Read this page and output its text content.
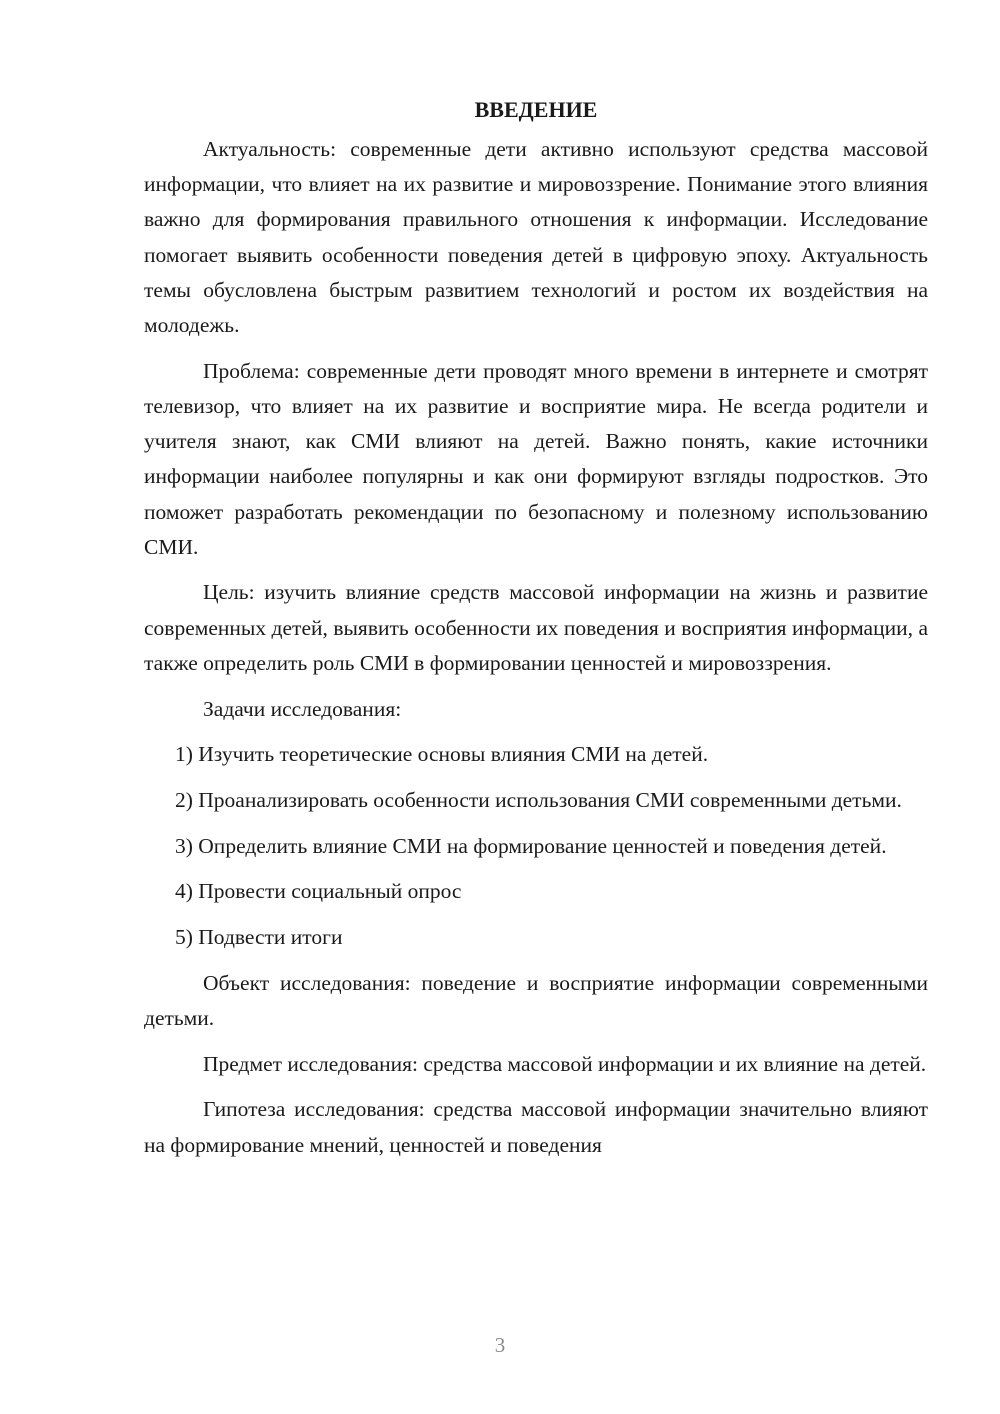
ВВЕДЕНИЕ

Актуальность: современные дети активно используют средства массовой информации, что влияет на их развитие и мировоззрение. Понимание этого влияния важно для формирования правильного отношения к информации. Исследование помогает выявить особенности поведения детей в цифровую эпоху. Актуальность темы обусловлена быстрым развитием технологий и ростом их воздействия на молодежь.

Проблема: современные дети проводят много времени в интернете и смотрят телевизор, что влияет на их развитие и восприятие мира. Не всегда родители и учителя знают, как СМИ влияют на детей. Важно понять, какие источники информации наиболее популярны и как они формируют взгляды подростков. Это поможет разработать рекомендации по безопасному и полезному использованию СМИ.

Цель: изучить влияние средств массовой информации на жизнь и развитие современных детей, выявить особенности их поведения и восприятия информации, а также определить роль СМИ в формировании ценностей и мировоззрения.

Задачи исследования:

1) Изучить теоретические основы влияния СМИ на детей.

2) Проанализировать особенности использования СМИ современными детьми.

3) Определить влияние СМИ на формирование ценностей и поведения детей.

4) Провести социальный опрос

5) Подвести итоги

Объект исследования: поведение и восприятие информации современными детьми.

Предмет исследования: средства массовой информации и их влияние на детей.

Гипотеза исследования: средства массовой информации значительно влияют на формирование мнений, ценностей и поведения

3
